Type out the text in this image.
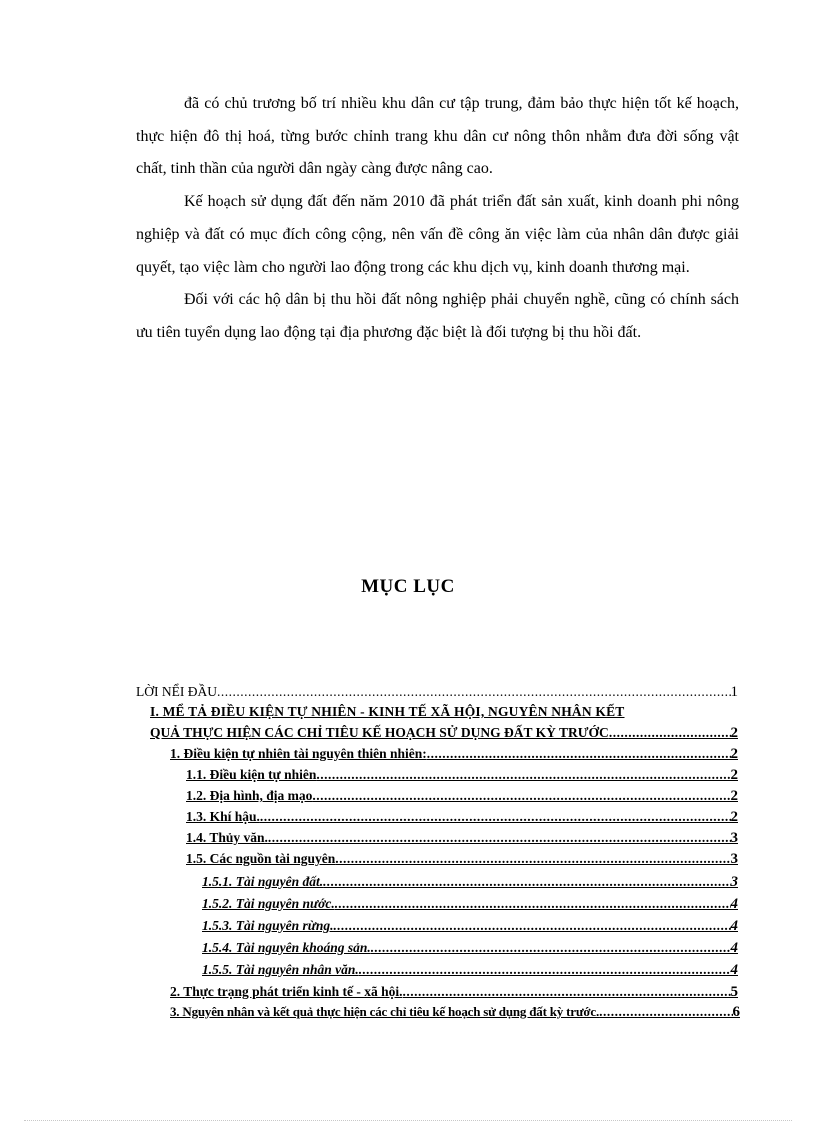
đã có chủ trương bố trí nhiều khu dân cư tập trung, đảm bảo thực hiện tốt kế hoạch, thực hiện đô thị hoá, từng bước chỉnh trang khu dân cư nông thôn nhằm đưa đời sống vật chất, tinh thần của người dân ngày càng được nâng cao.

Kế hoạch sử dụng đất đến năm 2010 đã phát triển đất sản xuất, kinh doanh phi nông nghiệp và đất có mục đích công cộng, nên vấn đề công ăn việc làm của nhân dân được giải quyết, tạo việc làm cho người lao động trong các khu dịch vụ, kinh doanh thương mại.

Đối với các hộ dân bị thu hồi đất nông nghiệp phải chuyển nghề, cũng có chính sách ưu tiên tuyển dụng lao động tại địa phương đặc biệt là đối tượng bị thu hồi đất.

MỤC LỤC
LỜI NỂI ĐẦU .....	1
I. MỂ TẢ ĐIỀU KIỆN TỰ NHIÊN - KINH TẾ XÃ HỘI, NGUYÊN NHÂN KẾT
QUẢ THỰC HIỆN CÁC CHỈ TIÊU KẾ HOẠCH SỬ DỤNG ĐẤT KỲ TRƯỚC .....	2
1. Điều kiện tự nhiên tài nguyên thiên nhiên: .....	2
1.1. Điều kiện tự nhiên .....	2
1.2. Địa hình, địa mạo .....	2
1.3. Khí hậu. .....	2
1.4. Thủy văn. .....	3
1.5. Các nguồn tài nguyên .....	3
1.5.1. Tài nguyên đất. .....	3
1.5.2. Tài nguyên nước. .....	4
1.5.3. Tài nguyên rừng. .....	4
1.5.4. Tài nguyên khoáng sản. .....	4
1.5.5. Tài nguyên nhân văn. .....	4
2. Thực trạng phát triển kinh tế - xã hội. .....	5
3. Nguyên nhân và kết quả thực hiện các chỉ tiêu kế hoạch sử dụng đất kỳ trước. .....	6
